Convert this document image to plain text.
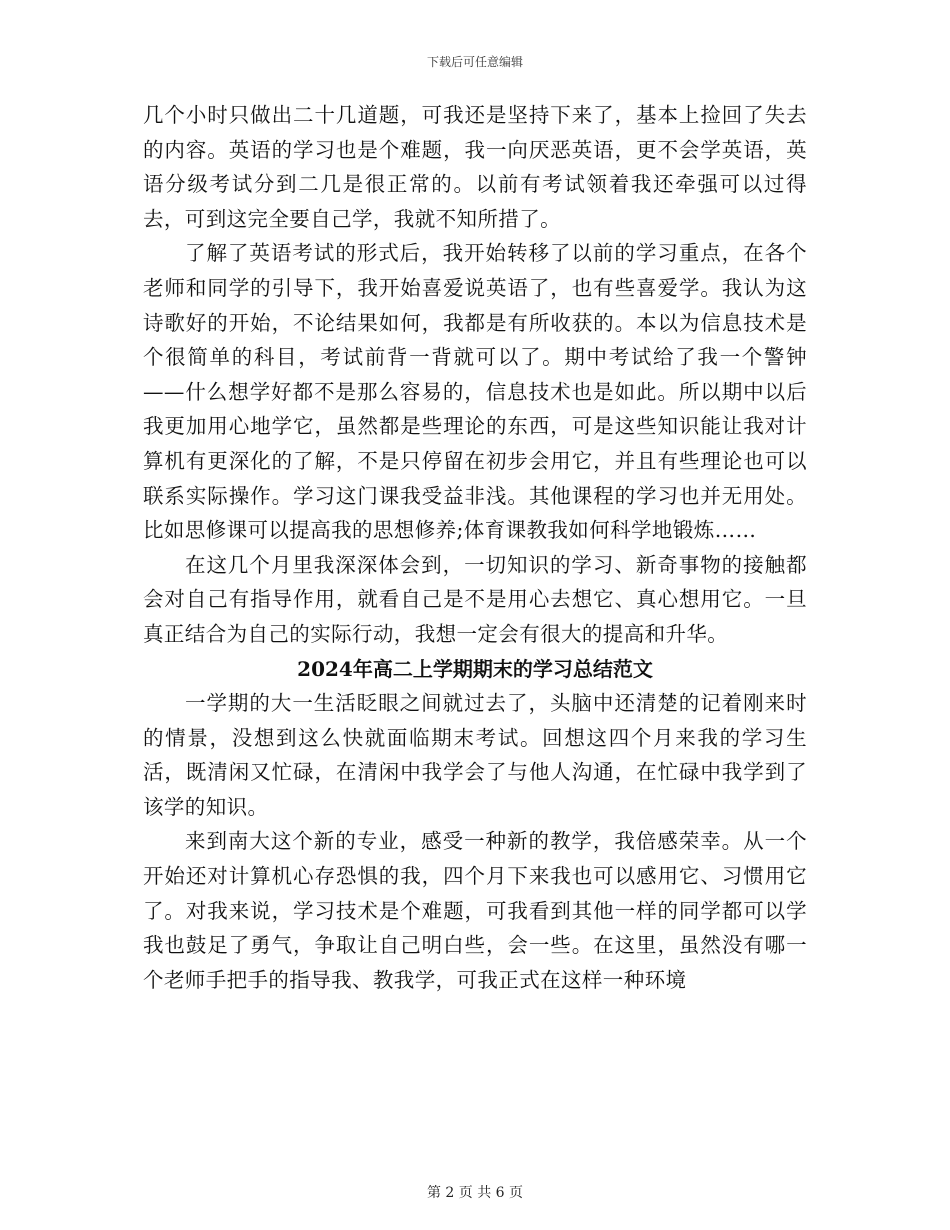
下载后可任意编辑

几个小时只做出二十几道题，可我还是坚持下来了，基本上捡回了失去的内容。英语的学习也是个难题，我一向厌恶英语，更不会学英语，英语分级考试分到二几是很正常的。以前有考试领着我还牵强可以过得去，可到这完全要自己学，我就不知所措了。

了解了英语考试的形式后，我开始转移了以前的学习重点，在各个老师和同学的引导下，我开始喜爱说英语了，也有些喜爱学。我认为这诗歌好的开始，不论结果如何，我都是有所收获的。本以为信息技术是个很简单的科目，考试前背一背就可以了。期中考试给了我一个警钟——什么想学好都不是那么容易的，信息技术也是如此。所以期中以后我更加用心地学它，虽然都是些理论的东西，可是这些知识能让我对计算机有更深化的了解，不是只停留在初步会用它，并且有些理论也可以联系实际操作。学习这门课我受益非浅。其他课程的学习也并无用处。比如思修课可以提高我的思想修养;体育课教我如何科学地锻炼……

在这几个月里我深深体会到，一切知识的学习、新奇事物的接触都会对自己有指导作用，就看自己是不是用心去想它、真心想用它。一旦真正结合为自己的实际行动，我想一定会有很大的提高和升华。

2024年高二上学期期末的学习总结范文

一学期的大一生活眨眼之间就过去了，头脑中还清楚的记着刚来时的情景，没想到这么快就面临期末考试。回想这四个月来我的学习生活，既清闲又忙碌，在清闲中我学会了与他人沟通，在忙碌中我学到了该学的知识。

来到南大这个新的专业，感受一种新的教学，我倍感荣幸。从一个开始还对计算机心存恐惧的我，四个月下来我也可以感用它、习惯用它了。对我来说，学习技术是个难题，可我看到其他一样的同学都可以学我也鼓足了勇气，争取让自己明白些，会一些。在这里，虽然没有哪一个老师手把手的指导我、教我学，可我正式在这样一种环境

第 2 页 共 6 页
